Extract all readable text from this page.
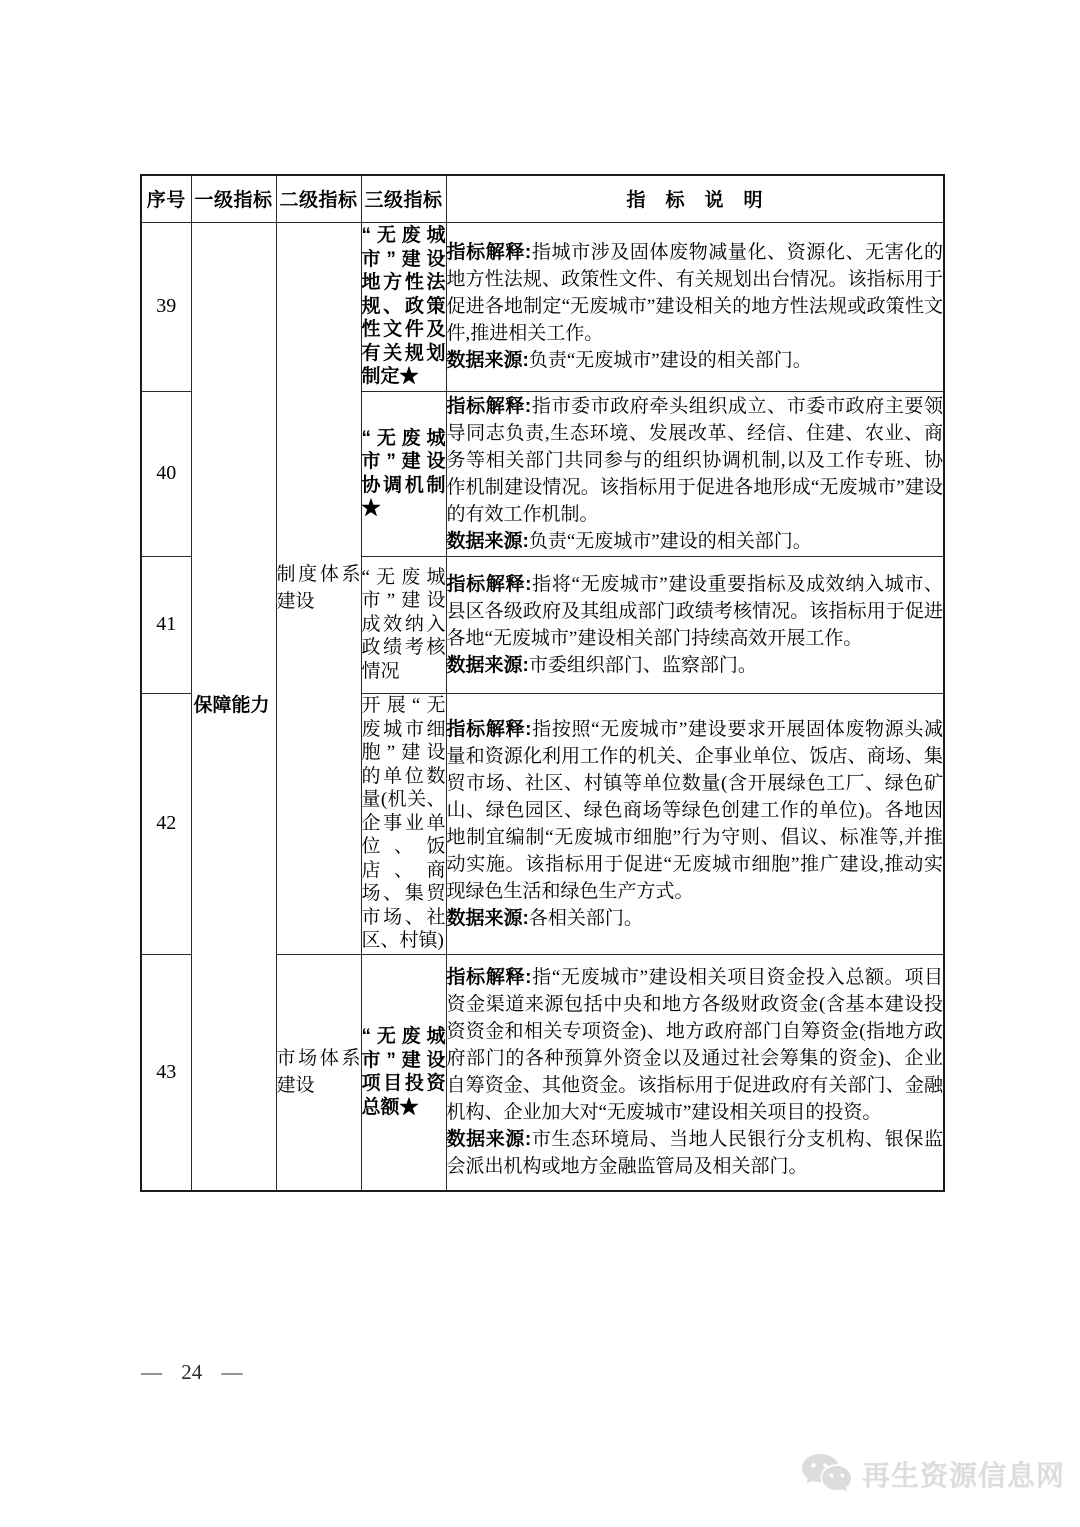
序号	一级指标	二级指标	三级指标	指　标　说　明
39	保障能力	制度体系建设	“无废城市”建设地方性法规、政策性文件及有关规划制定★	指标解释:指城市涉及固体废物减量化、资源化、无害化的地方性法规、政策性文件、有关规划出台情况。该指标用于促进各地制定“无废城市”建设相关的地方性法规或政策性文件,推进相关工作。

数据来源:负责“无废城市”建设的相关部门。

40			“无废城市”建设协调机制★	指标解释:指市委市政府牵头组织成立、市委市政府主要领导同志负责,生态环境、发展改革、经信、住建、农业、商务等相关部门共同参与的组织协调机制,以及工作专班、协作机制建设情况。该指标用于促进各地形成“无废城市”建设的有效工作机制。

数据来源:负责“无废城市”建设的相关部门。

41			“无废城市”建设成效纳入政绩考核情况	指标解释:指将“无废城市”建设重要指标及成效纳入城市、县区各级政府及其组成部门政绩考核情况。该指标用于促进各地“无废城市”建设相关部门持续高效开展工作。

数据来源:市委组织部门、监察部门。

42			开展“无废城市细胞”建设的单位数量(机关、企事业单位、饭店、商场、集贸市场、社区、村镇)	指标解释:指按照“无废城市”建设要求开展固体废物源头减量和资源化利用工作的机关、企事业单位、饭店、商场、集贸市场、社区、村镇等单位数量(含开展绿色工厂、绿色矿山、绿色园区、绿色商场等绿色创建工作的单位)。各地因地制宜编制“无废城市细胞”行为守则、倡议、标准等,并推动实施。该指标用于促进“无废城市细胞”推广建设,推动实现绿色生活和绿色生产方式。

数据来源:各相关部门。

43		市场体系建设	“无废城市”建设项目投资总额★	指标解释:指“无废城市”建设相关项目资金投入总额。项目资金渠道来源包括中央和地方各级财政资金(含基本建设投资资金和相关专项资金)、地方政府部门自筹资金(指地方政府部门的各种预算外资金以及通过社会筹集的资金)、企业自筹资金、其他资金。该指标用于促进政府有关部门、金融机构、企业加大对“无废城市”建设相关项目的投资。

数据来源:市生态环境局、当地人民银行分支机构、银保监会派出机构或地方金融监管局及相关部门。

— 24 —
再生资源信息网
